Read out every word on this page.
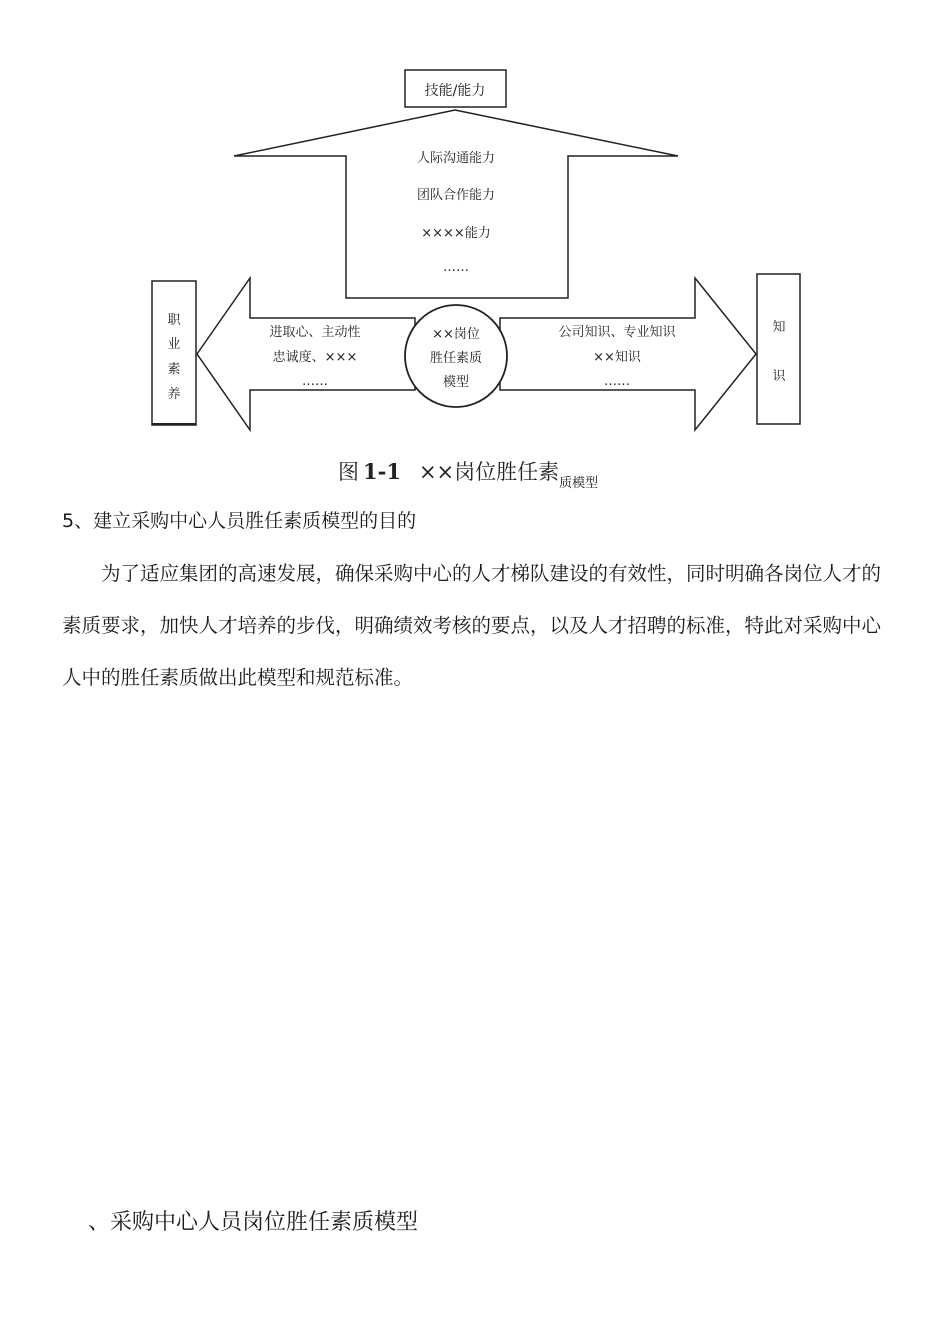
技能/能力
人际沟通能力
团队合作能力
××××能力
……
进取心、主动性
忠诚度、×××
……
公司知识、专业知识
××知识
……
××岗位
胜任素质
模型
职
业
素
养
知
识
图 1-1 ××岗位胜任素$_{质模型}$
5、建立采购中心人员胜任素质模型的目的

为了适应集团的高速发展，确保采购中心的人才梯队建设的有效性，同时明确各岗位人才的素质要求，加快人才培养的步伐，明确绩效考核的要点，以及人才招聘的标准，特此对采购中心人中的胜任素质做出此模型和规范标准。

、采购中心人员岗位胜任素质模型
